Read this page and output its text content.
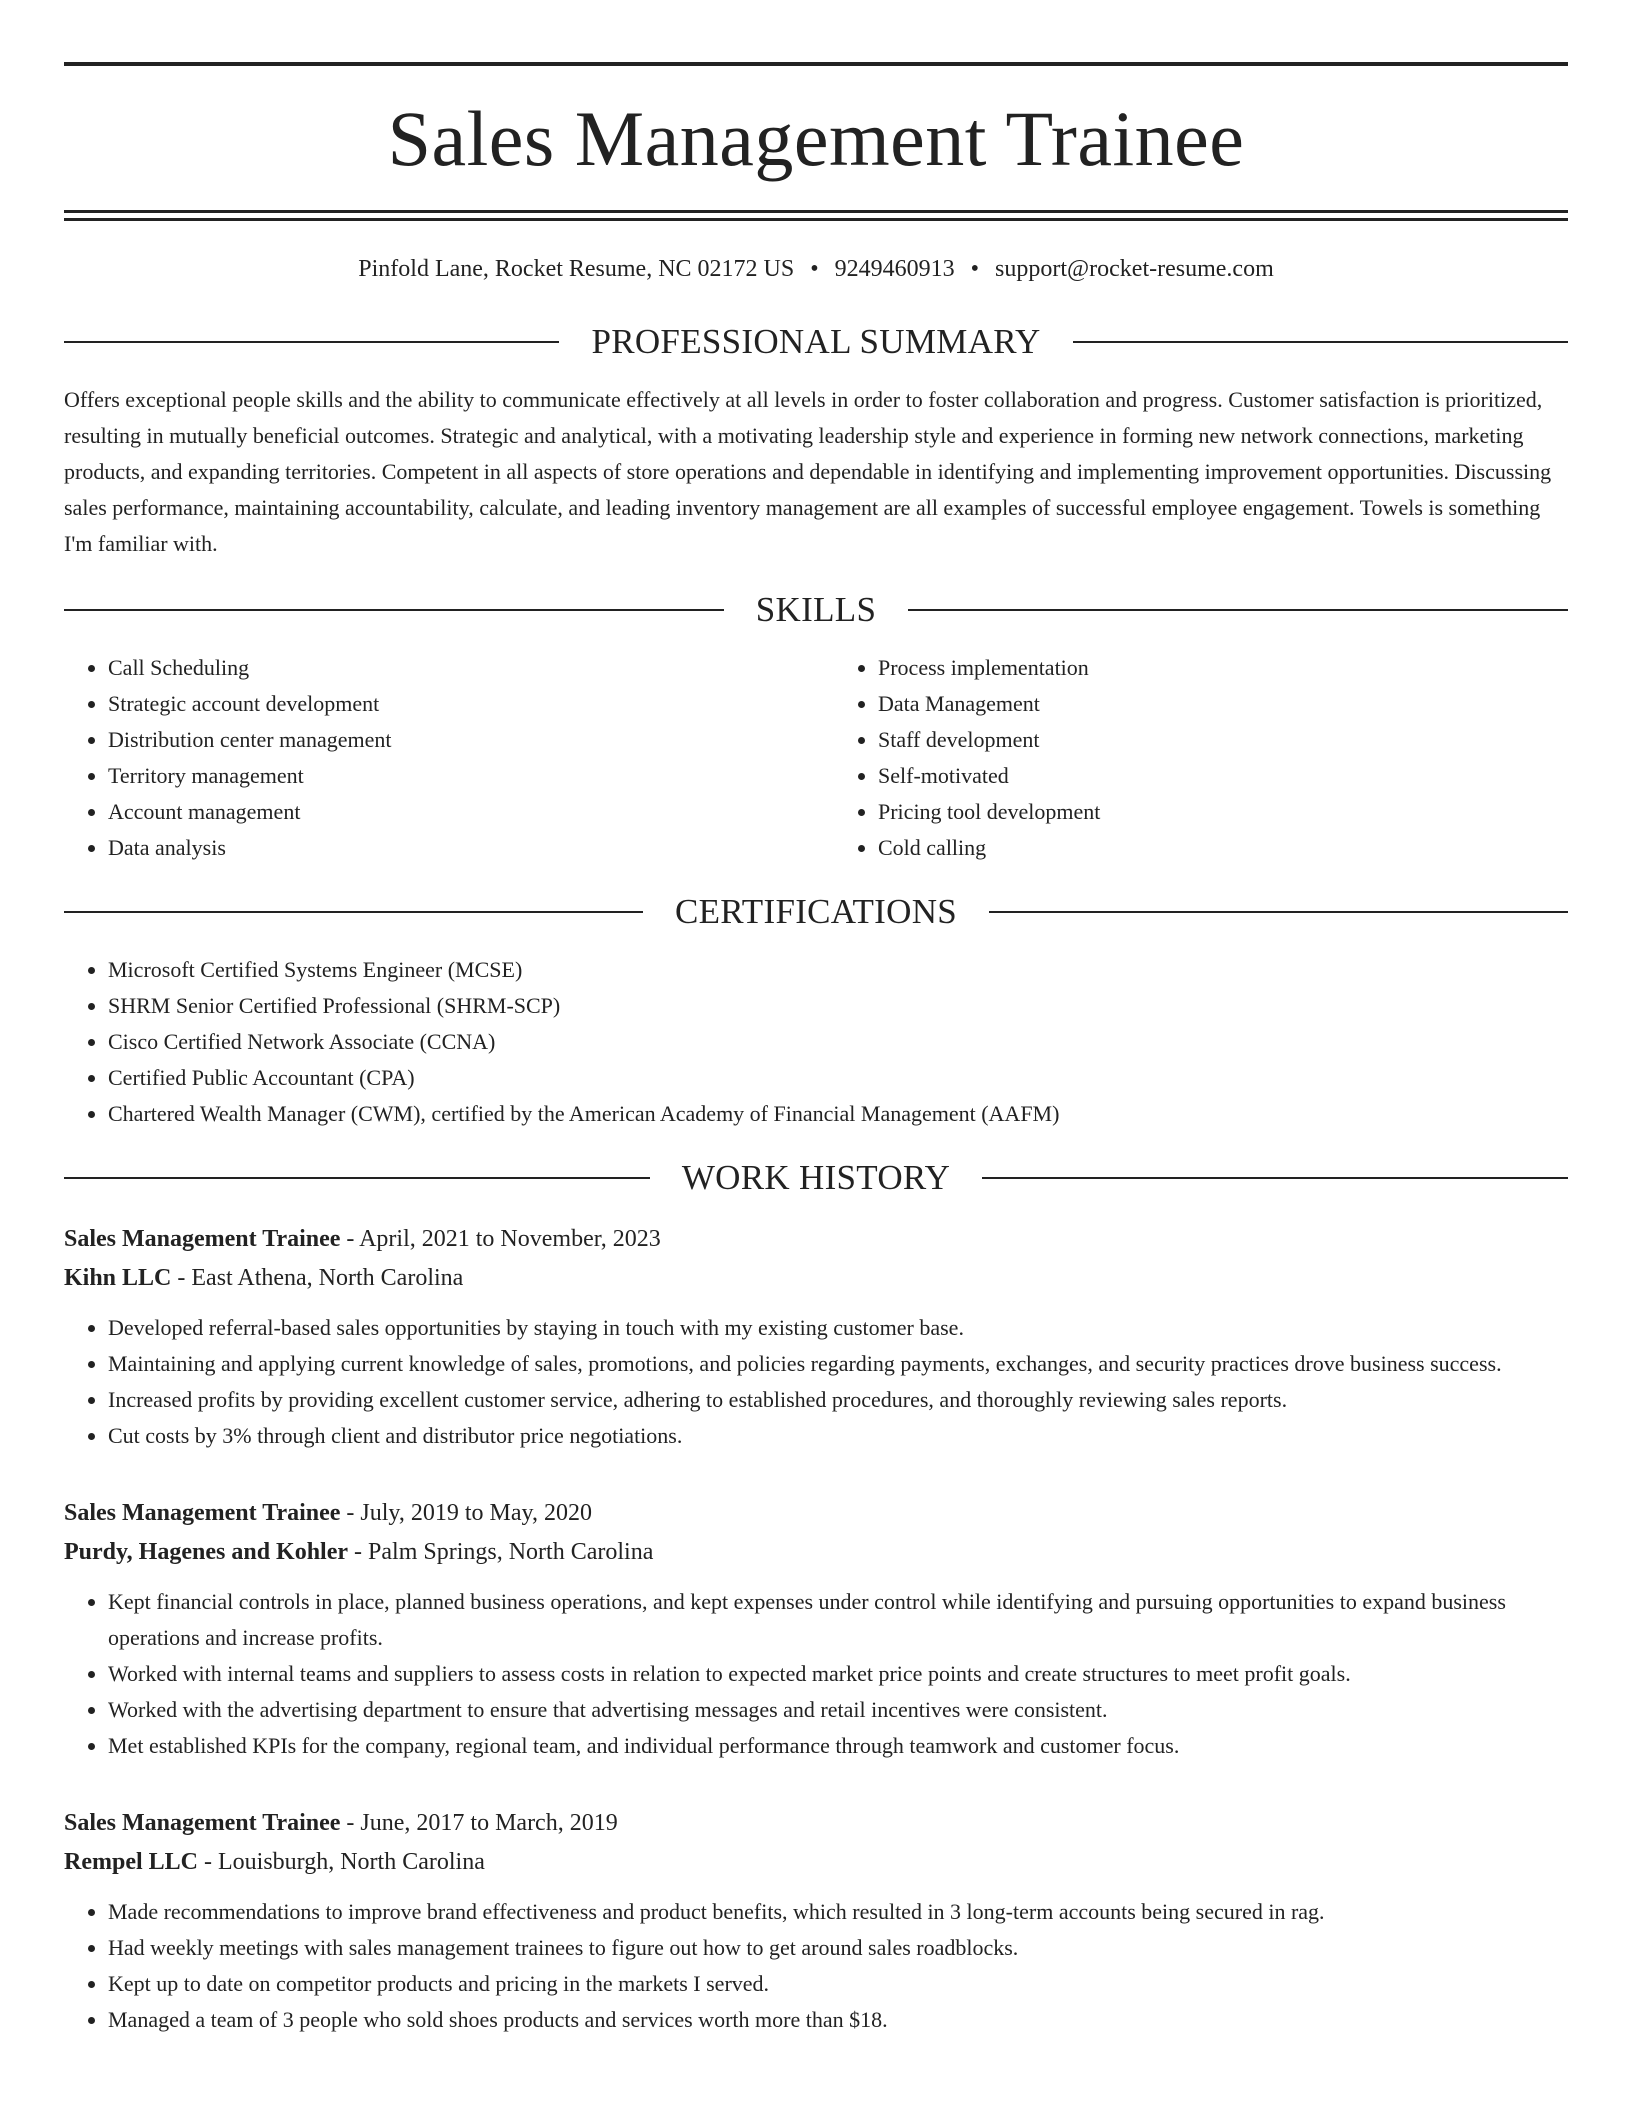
Sales Management Trainee
Pinfold Lane, Rocket Resume, NC 02172 US • 9249460913 • support@rocket-resume.com
PROFESSIONAL SUMMARY

Offers exceptional people skills and the ability to communicate effectively at all levels in order to foster collaboration and progress. Customer satisfaction is prioritized, resulting in mutually beneficial outcomes. Strategic and analytical, with a motivating leadership style and experience in forming new network connections, marketing products, and expanding territories. Competent in all aspects of store operations and dependable in identifying and implementing improvement opportunities. Discussing sales performance, maintaining accountability, calculate, and leading inventory management are all examples of successful employee engagement. Towels is something I'm familiar with.

SKILLS
• Call Scheduling
• Strategic account development
• Distribution center management
• Territory management
• Account management
• Data analysis
• Process implementation
• Data Management
• Staff development
• Self-motivated
• Pricing tool development
• Cold calling
CERTIFICATIONS
• Microsoft Certified Systems Engineer (MCSE)
• SHRM Senior Certified Professional (SHRM-SCP)
• Cisco Certified Network Associate (CCNA)
• Certified Public Accountant (CPA)
• Chartered Wealth Manager (CWM), certified by the American Academy of Financial Management (AAFM)
WORK HISTORY
Sales Management Trainee - April, 2021 to November, 2023
Kihn LLC - East Athena, North Carolina
• Developed referral-based sales opportunities by staying in touch with my existing customer base.
• Maintaining and applying current knowledge of sales, promotions, and policies regarding payments, exchanges, and security practices drove business success.
• Increased profits by providing excellent customer service, adhering to established procedures, and thoroughly reviewing sales reports.
• Cut costs by 3% through client and distributor price negotiations.
Sales Management Trainee - July, 2019 to May, 2020
Purdy, Hagenes and Kohler - Palm Springs, North Carolina
• Kept financial controls in place, planned business operations, and kept expenses under control while identifying and pursuing opportunities to expand business operations and increase profits.
• Worked with internal teams and suppliers to assess costs in relation to expected market price points and create structures to meet profit goals.
• Worked with the advertising department to ensure that advertising messages and retail incentives were consistent.
• Met established KPIs for the company, regional team, and individual performance through teamwork and customer focus.
Sales Management Trainee - June, 2017 to March, 2019
Rempel LLC - Louisburgh, North Carolina
• Made recommendations to improve brand effectiveness and product benefits, which resulted in 3 long-term accounts being secured in rag.
• Had weekly meetings with sales management trainees to figure out how to get around sales roadblocks.
• Kept up to date on competitor products and pricing in the markets I served.
• Managed a team of 3 people who sold shoes products and services worth more than $18.
